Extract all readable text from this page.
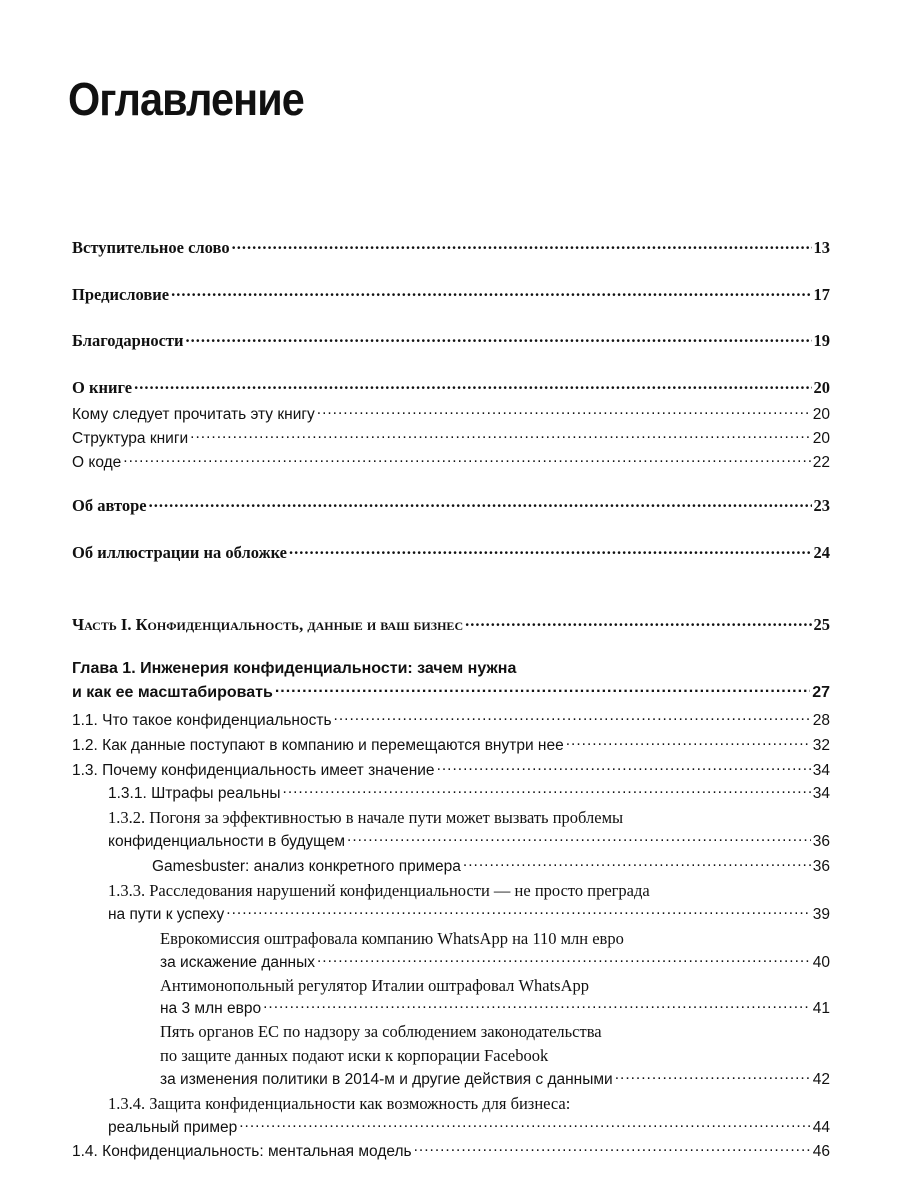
Оглавление
Вступительное слово .....	13
Предисловие .....	17
Благодарности .....	19
О книге .....	20
Кому следует прочитать эту книгу .....	20
Структура книги .....	20
О коде .....	22
Об авторе .....	23
Об иллюстрации на обложке .....	24
Часть I. Конфиденциальность, данные и ваш бизнес .....	25
Глава 1. Инженерия конфиденциальности: зачем нужна
и как ее масштабировать .....	27
1.1. Что такое конфиденциальность .....	28
1.2. Как данные поступают в компанию и перемещаются внутри нее .....	32
1.3. Почему конфиденциальность имеет значение .....	34
1.3.1. Штрафы реальны .....	34
1.3.2. Погоня за эффективностью в начале пути может вызвать проблемы
конфиденциальности в будущем .....	36
Gamesbuster: анализ конкретного примера .....	36
1.3.3. Расследования нарушений конфиденциальности — не просто преграда
на пути к успеху .....	39
Еврокомиссия оштрафовала компанию WhatsApp на 110 млн евро
за искажение данных .....	40
Антимонопольный регулятор Италии оштрафовал WhatsApp
на 3 млн евро .....	41
Пять органов ЕС по надзору за соблюдением законодательства
по защите данных подают иски к корпорации Facebook
за изменения политики в 2014-м и другие действия с данными .....	42
1.3.4. Защита конфиденциальности как возможность для бизнеса:
реальный пример .....	44
1.4. Конфиденциальность: ментальная модель .....	46
